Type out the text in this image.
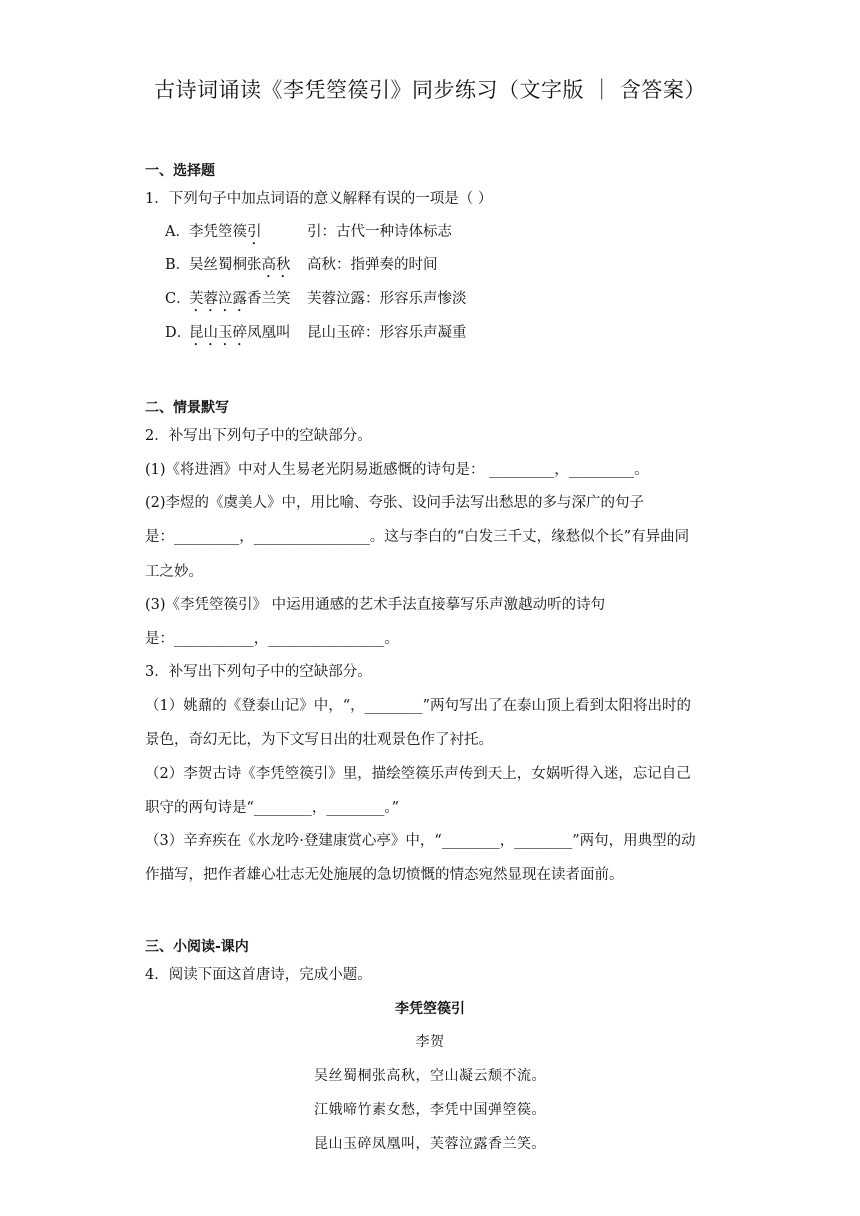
古诗词诵读《李凭箜篌引》同步练习（文字版 ｜ 含答案）
一、选择题
1．下列句子中加点词语的意义解释有误的一项是（ ）
A．李凭箜篌引	引：古代一种诗体标志
B．吴丝蜀桐张高秋 高秋：指弹奏的时间
C．芙蓉泣露香兰笑 芙蓉泣露：形容乐声惨淡
D．昆山玉碎凤凰叫 昆山玉碎：形容乐声凝重
二、情景默写
2．补写出下列句子中的空缺部分。
(1)《将进酒》中对人生易老光阴易逝感慨的诗句是： _________，_________。
(2)李煜的《虞美人》中，用比喻、夸张、设问手法写出愁思的多与深广的句子
是：_________，________________。这与李白的“白发三千丈，缘愁似个长”有异曲同
工之妙。
(3)《李凭箜篌引》 中运用通感的艺术手法直接摹写乐声激越动听的诗句
是：___________，________________。
3．补写出下列句子中的空缺部分。
（1）姚鼐的《登泰山记》中，“，________”两句写出了在泰山顶上看到太阳将出时的
景色，奇幻无比，为下文写日出的壮观景色作了衬托。
（2）李贺古诗《李凭箜篌引》里，描绘箜篌乐声传到天上，女娲听得入迷，忘记自己
职守的两句诗是“________，________。”
（3）辛弃疾在《水龙吟·登建康赏心亭》中，“________，________”两句，用典型的动
作描写，把作者雄心壮志无处施展的急切愤慨的情态宛然显现在读者面前。
三、小阅读-课内
4．阅读下面这首唐诗，完成小题。
李凭箜篌引
李贺
吴丝蜀桐张高秋，空山凝云颓不流。
江娥啼竹素女愁，李凭中国弹箜篌。
昆山玉碎凤凰叫，芙蓉泣露香兰笑。
